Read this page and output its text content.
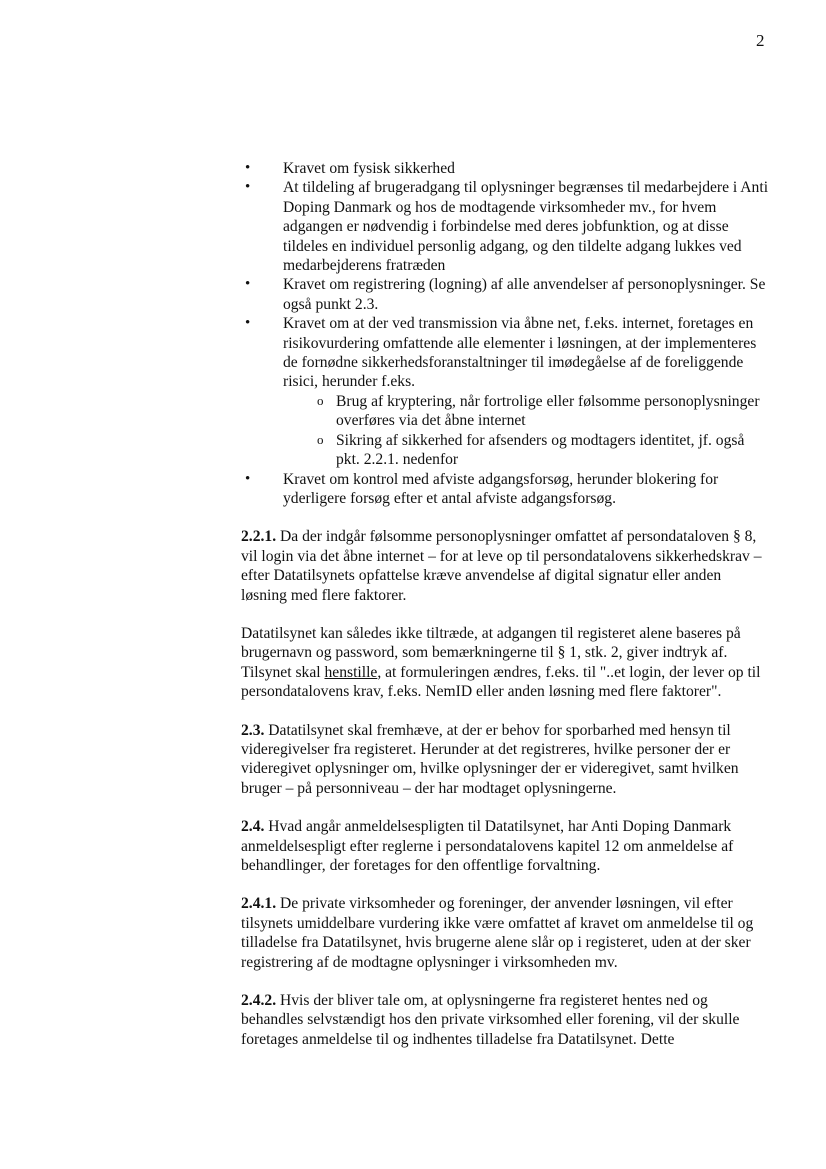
2
• Kravet om fysisk sikkerhed
• At tildeling af brugeradgang til oplysninger begrænses til medarbejdere i Anti Doping Danmark og hos de modtagende virksomheder mv., for hvem adgangen er nødvendig i forbindelse med deres jobfunktion, og at disse tildeles en individuel personlig adgang, og den tildelte adgang lukkes ved medarbejderens fratræden
• Kravet om registrering (logning) af alle anvendelser af personoplysninger. Se også punkt 2.3.
• Kravet om at der ved transmission via åbne net, f.eks. internet, foretages en risikovurdering omfattende alle elementer i løsningen, at der implementeres de fornødne sikkerhedsforanstaltninger til imødegåelse af de foreliggende risici, herunder f.eks.
o Brug af kryptering, når fortrolige eller følsomme personoplysninger overføres via det åbne internet
o Sikring af sikkerhed for afsenders og modtagers identitet, jf. også pkt. 2.2.1. nedenfor
• Kravet om kontrol med afviste adgangsforsøg, herunder blokering for yderligere forsøg efter et antal afviste adgangsforsøg.

2.2.1. Da der indgår følsomme personoplysninger omfattet af persondataloven § 8, vil login via det åbne internet – for at leve op til persondatalovens sikkerhedskrav – efter Datatilsynets opfattelse kræve anvendelse af digital signatur eller anden løsning med flere faktorer.

Datatilsynet kan således ikke tiltræde, at adgangen til registeret alene baseres på brugernavn og password, som bemærkningerne til § 1, stk. 2, giver indtryk af. Tilsynet skal henstille, at formuleringen ændres, f.eks. til "..et login, der lever op til persondatalovens krav, f.eks. NemID eller anden løsning med flere faktorer".

2.3. Datatilsynet skal fremhæve, at der er behov for sporbarhed med hensyn til videregivelser fra registeret. Herunder at det registreres, hvilke personer der er videregivet oplysninger om, hvilke oplysninger der er videregivet, samt hvilken bruger – på personniveau – der har modtaget oplysningerne.

2.4. Hvad angår anmeldelsespligten til Datatilsynet, har Anti Doping Danmark anmeldelsespligt efter reglerne i persondatalovens kapitel 12 om anmeldelse af behandlinger, der foretages for den offentlige forvaltning.

2.4.1. De private virksomheder og foreninger, der anvender løsningen, vil efter tilsynets umiddelbare vurdering ikke være omfattet af kravet om anmeldelse til og tilladelse fra Datatilsynet, hvis brugerne alene slår op i registeret, uden at der sker registrering af de modtagne oplysninger i virksomheden mv.

2.4.2. Hvis der bliver tale om, at oplysningerne fra registeret hentes ned og behandles selvstændigt hos den private virksomhed eller forening, vil der skulle foretages anmeldelse til og indhentes tilladelse fra Datatilsynet. Dette
